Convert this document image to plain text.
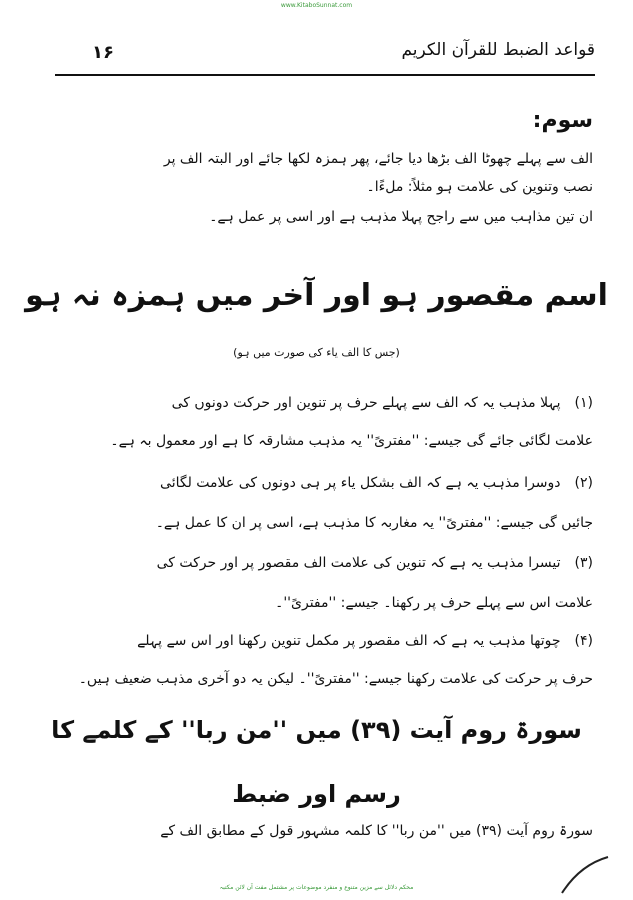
www.KitaboSunnat.com
قواعد الضبط للقرآن الكریم
۱۶
سوم:
الف سے پہلے چھوٹا الف بڑھا دیا جائے، پھر ہمزہ لکھا جائے اور البتہ الف پر
نصب وتنوین کی علامت ہو مثلاً: ملءًا۔
ان تین مذاہب میں سے راجح پہلا مذہب ہے اور اسی پر عمل ہے۔
اسم مقصور ہو اور آخر میں ہمزہ نہ ہو
(جس کا الف یاء کی صورت میں ہو)
(۱)پہلا مذہب یہ کہ الف سے پہلے حرف پر تنوین اور حرکت دونوں کی
علامت لگائی جائے گی جیسے: ''مفتریً'' یہ مذہب مشارقہ کا ہے اور معمول بہ ہے۔
(۲)دوسرا مذہب یہ ہے کہ الف بشکل یاء پر ہی دونوں کی علامت لگائی
جائیں گی جیسے: ''مفتریً'' یہ مغاربہ کا مذہب ہے، اسی پر ان کا عمل ہے۔
(۳)تیسرا مذہب یہ ہے کہ تنوین کی علامت الف مقصور پر اور حرکت کی
علامت اس سے پہلے حرف پر رکھنا۔ جیسے: ''مفتریً''۔
(۴)چوتھا مذہب یہ ہے کہ الف مقصور پر مکمل تنوین رکھنا اور اس سے پہلے
حرف پر حرکت کی علامت رکھنا جیسے: ''مفتریً''۔ لیکن یہ دو آخری مذہب ضعیف ہیں۔
سورۃ روم آیت (۳۹) میں ''من ربا'' کے کلمے کا
رسم اور ضبط
سورۃ روم آیت (۳۹) میں ''من ربا'' کا کلمہ مشہور قول کے مطابق الف کے
محکم دلائل سے مزین متنوع و منفرد موضوعات پر مشتمل مفت آن لائن مکتبہ
